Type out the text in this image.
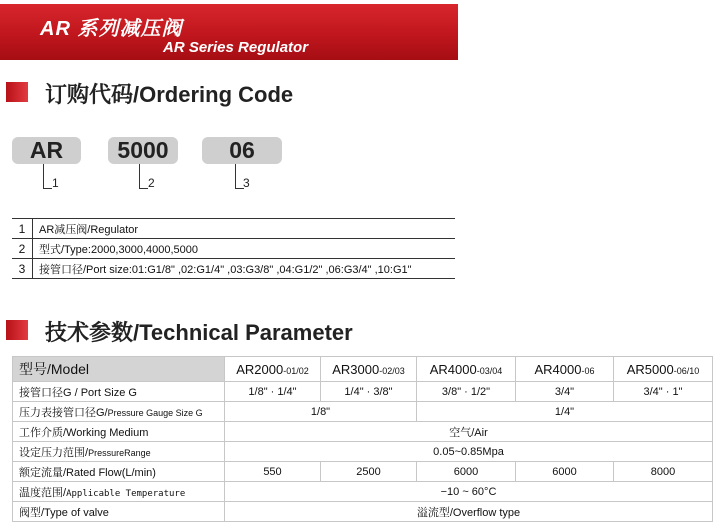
AR 系列减压阀
AR Series Regulator
订购代码/Ordering Code
AR	5000	06
1	2	3
1	AR减压阀/Regulator
2	型式/Type:2000,3000,4000,5000
3	接管口径/Port size:01:G1/8" ,02:G1/4" ,03:G3/8" ,04:G1/2" ,06:G3/4" ,10:G1"
技术参数/Technical Parameter
型号/Model	AR2000-01/02	AR3000-02/03	AR4000-03/04	AR4000-06	AR5000-06/10
接管口径G / Port Size G	1/8" · 1/4"	1/4" · 3/8"	3/8" · 1/2"	3/4"	3/4" · 1"
压力表接管口径G/Pressure Gauge Size G	1/8"		1/4"		
工作介质/Working Medium	空气/Air				
设定压力范围/PressureRange	0.05~0.85Mpa				
额定流量/Rated Flow(L/min)	550	2500	6000	6000	8000
温度范围/Applicable Temperature	−10 ~ 60°C				
阀型/Type of valve	溢流型/Overflow type				
